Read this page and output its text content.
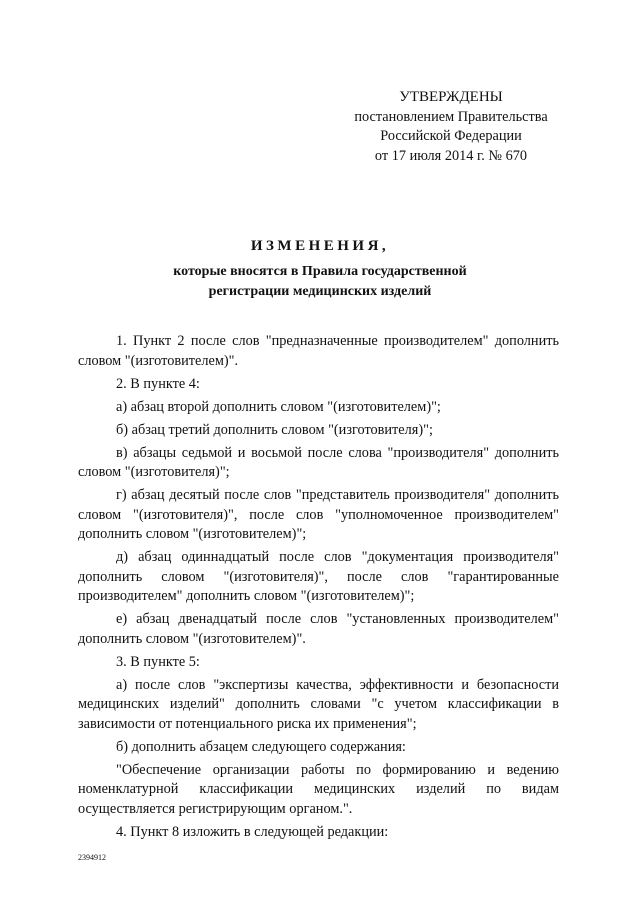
УТВЕРЖДЕНЫ
постановлением Правительства
Российской Федерации
от 17 июля 2014 г. № 670
ИЗМЕНЕНИЯ,
которые вносятся в Правила государственной
регистрации медицинских изделий

1. Пункт 2 после слов "предназначенные производителем" дополнить словом "(изготовителем)".

2. В пункте 4:

а) абзац второй дополнить словом "(изготовителем)";

б) абзац третий дополнить словом "(изготовителя)";

в) абзацы седьмой и восьмой после слова "производителя" дополнить словом "(изготовителя)";

г) абзац десятый после слов "представитель производителя" дополнить словом "(изготовителя)", после слов "уполномоченное производителем" дополнить словом "(изготовителем)";

д) абзац одиннадцатый после слов "документация производителя" дополнить словом "(изготовителя)", после слов "гарантированные производителем" дополнить словом "(изготовителем)";

е) абзац двенадцатый после слов "установленных производителем" дополнить словом "(изготовителем)".

3. В пункте 5:

а) после слов "экспертизы качества, эффективности и безопасности медицинских изделий" дополнить словами "с учетом классификации в зависимости от потенциального риска их применения";

б) дополнить абзацем следующего содержания:

"Обеспечение организации работы по формированию и ведению номенклатурной классификации медицинских изделий по видам осуществляется регистрирующим органом.".

4. Пункт 8 изложить в следующей редакции:

2394912
